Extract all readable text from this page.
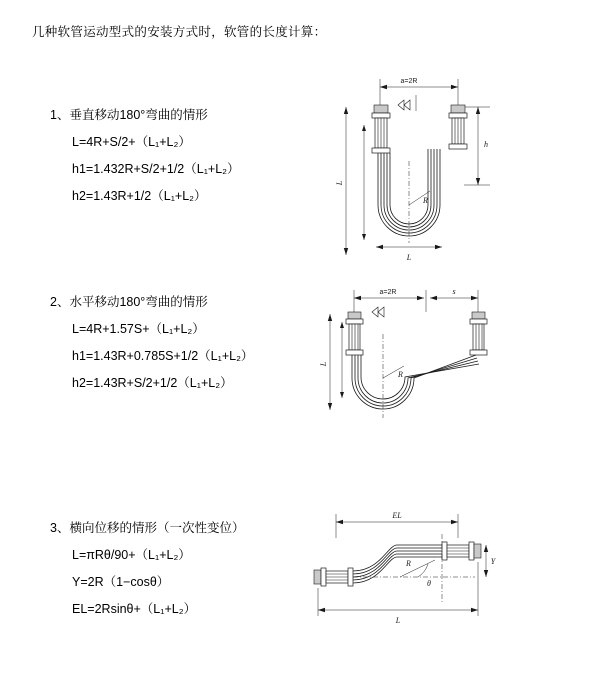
几种软管运动型式的安装方式时，软管的长度计算：
1、垂直移动180°弯曲的情形
L=4R+S/2+（L₁+L₂）
h1=1.432R+S/2+1/2（L₁+L₂）
h2=1.43R+1/2（L₁+L₂）
a=2R
L
h
R
L
2、水平移动180°弯曲的情形
L=4R+1.57S+（L₁+L₂）
h1=1.43R+0.785S+1/2（L₁+L₂）
h2=1.43R+S/2+1/2（L₁+L₂）
a=2R	s
L
R
3、横向位移的情形（一次性变位）
L=πRθ/90+（L₁+L₂）
Y=2R（1−cosθ）
EL=2Rsinθ+（L₁+L₂）
EL
θ
R	Y
L
